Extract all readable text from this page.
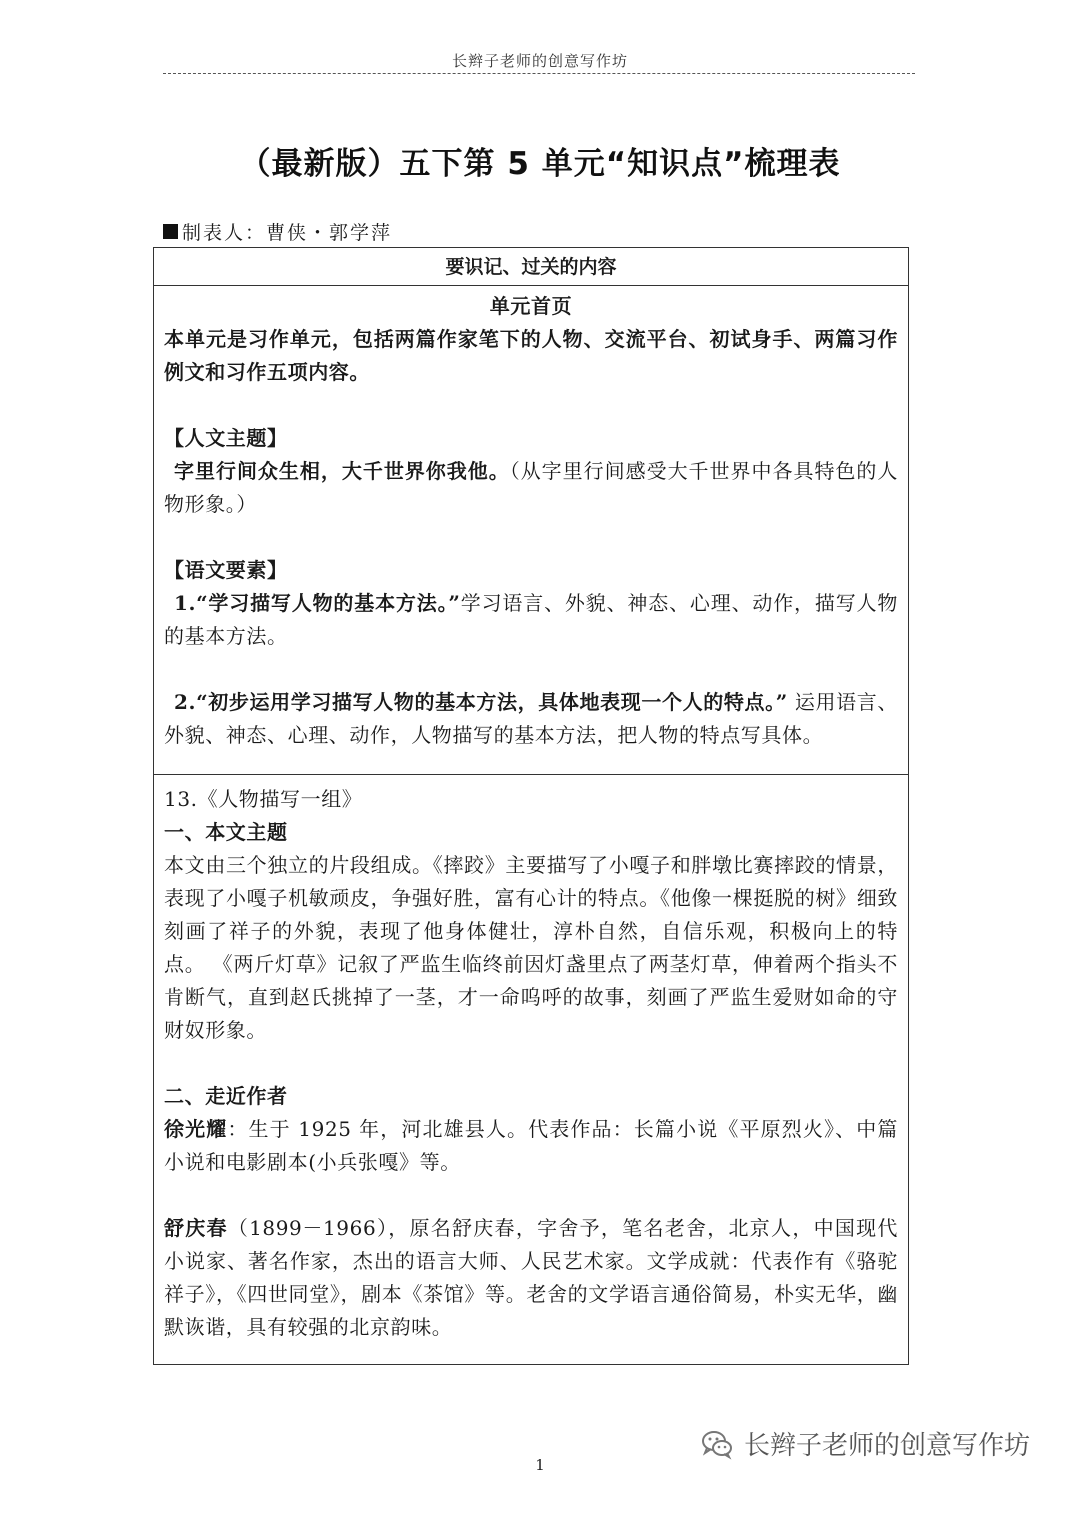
长辫子老师的创意写作坊
（最新版）五下第 5 单元“知识点”梳理表
制表人：曹侠・郭学萍
要识记、过关的内容

单元首页

本单元是习作单元，包括两篇作家笔下的人物、交流平台、初试身手、两篇习作例文和习作五项内容。

【人文主题】

字里行间众生相，大千世界你我他。（从字里行间感受大千世界中各具特色的人物形象。）

【语文要素】

1.“学习描写人物的基本方法。”学习语言、外貌、神态、心理、动作，描写人物的基本方法。

2.“初步运用学习描写人物的基本方法，具体地表现一个人的特点。” 运用语言、外貌、神态、心理、动作，人物描写的基本方法，把人物的特点写具体。

13.《人物描写一组》

一、本文主题

本文由三个独立的片段组成。《摔跤》主要描写了小嘎子和胖墩比赛摔跤的情景，表现了小嘎子机敏顽皮，争强好胜，富有心计的特点。《他像一棵挺脱的树》细致刻画了祥子的外貌，表现了他身体健壮，淳朴自然，自信乐观，积极向上的特点。 《两斤灯草》记叙了严监生临终前因灯盏里点了两茎灯草，伸着两个指头不肯断气，直到赵氏挑掉了一茎，才一命呜呼的故事，刻画了严监生爱财如命的守财奴形象。

二、走近作者

徐光耀：生于 1925 年，河北雄县人。代表作品：长篇小说《平原烈火》、中篇小说和电影剧本(小兵张嘎》等。

舒庆春（1899－1966），原名舒庆春，字舍予，笔名老舍，北京人，中国现代小说家、著名作家，杰出的语言大师、人民艺术家。文学成就：代表作有《骆驼祥子》，《四世同堂》，剧本《茶馆》等。老舍的文学语言通俗简易，朴实无华，幽默诙谐，具有较强的北京韵味。

1
长辫子老师的创意写作坊
